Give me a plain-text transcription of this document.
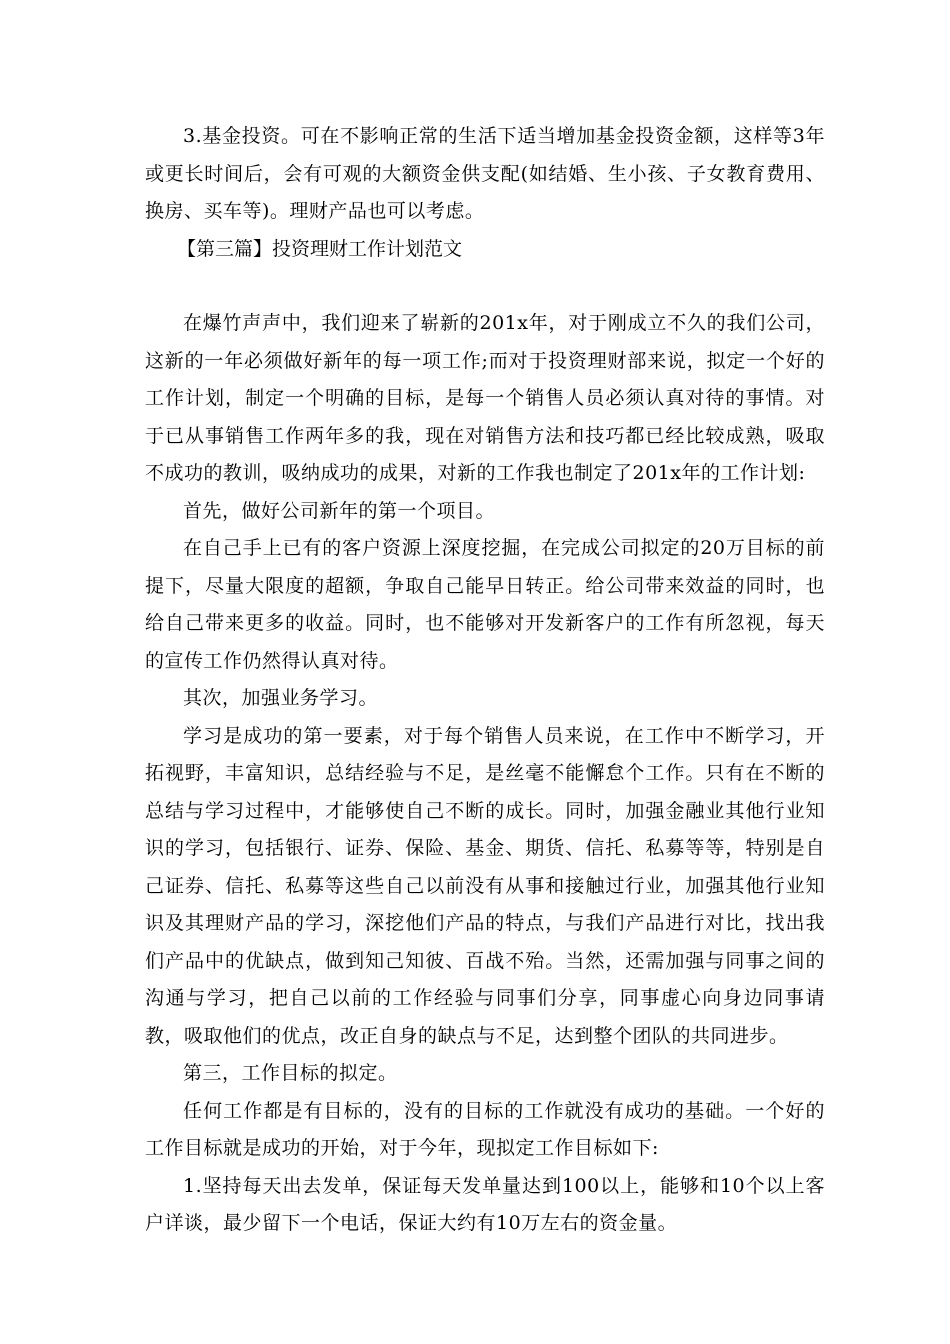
3.基金投资。可在不影响正常的生活下适当增加基金投资金额，这样等3年或更长时间后，会有可观的大额资金供支配(如结婚、生小孩、子女教育费用、换房、买车等)。理财产品也可以考虑。

【第三篇】投资理财工作计划范文

在爆竹声声中，我们迎来了崭新的201x年，对于刚成立不久的我们公司，这新的一年必须做好新年的每一项工作;而对于投资理财部来说，拟定一个好的工作计划，制定一个明确的目标，是每一个销售人员必须认真对待的事情。对于已从事销售工作两年多的我，现在对销售方法和技巧都已经比较成熟，吸取不成功的教训，吸纳成功的成果，对新的工作我也制定了201x年的工作计划:

首先，做好公司新年的第一个项目。

在自己手上已有的客户资源上深度挖掘，在完成公司拟定的20万目标的前提下，尽量大限度的超额，争取自己能早日转正。给公司带来效益的同时，也给自己带来更多的收益。同时，也不能够对开发新客户的工作有所忽视，每天的宣传工作仍然得认真对待。

其次，加强业务学习。

学习是成功的第一要素，对于每个销售人员来说，在工作中不断学习，开拓视野，丰富知识，总结经验与不足，是丝毫不能懈怠个工作。只有在不断的总结与学习过程中，才能够使自己不断的成长。同时，加强金融业其他行业知识的学习，包括银行、证券、保险、基金、期货、信托、私募等等，特别是自己证券、信托、私募等这些自己以前没有从事和接触过行业，加强其他行业知识及其理财产品的学习，深挖他们产品的特点，与我们产品进行对比，找出我们产品中的优缺点，做到知己知彼、百战不殆。当然，还需加强与同事之间的沟通与学习，把自己以前的工作经验与同事们分享，同事虚心向身边同事请教，吸取他们的优点，改正自身的缺点与不足，达到整个团队的共同进步。

第三，工作目标的拟定。

任何工作都是有目标的，没有的目标的工作就没有成功的基础。一个好的工作目标就是成功的开始，对于今年，现拟定工作目标如下:

1.坚持每天出去发单，保证每天发单量达到100以上，能够和10个以上客户详谈，最少留下一个电话，保证大约有10万左右的资金量。
